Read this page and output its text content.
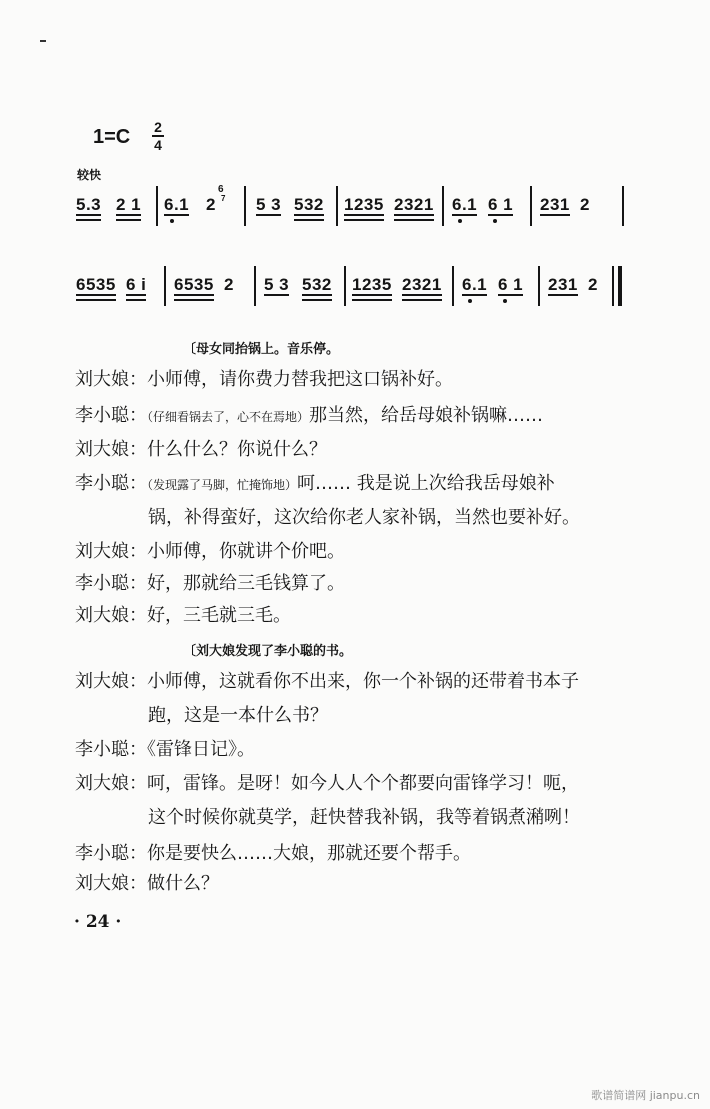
1=C 2
4
较快
5.3 2 1 6.1 2
6
7 5 3 532 1235 2321 6.1 6 1 231 2
6535 6 i 6535 2 5 3 532 1235 2321 6.1 6 1 231 2
〔母女同抬锅上。音乐停。
刘大娘：小师傅，请你费力替我把这口锅补好。
李小聪：（仔细看锅去了，心不在焉地）那当然，给岳母娘补锅嘛……
刘大娘：什么什么？你说什么？
李小聪：（发现露了马脚，忙掩饰地）呵…… 我是说上次给我岳母娘补
锅，补得蛮好，这次给你老人家补锅，当然也要补好。
刘大娘：小师傅，你就讲个价吧。
李小聪：好，那就给三毛钱算了。
刘大娘：好，三毛就三毛。
〔刘大娘发现了李小聪的书。
刘大娘：小师傅，这就看你不出来，你一个补锅的还带着书本子
跑，这是一本什么书？
李小聪：《雷锋日记》。
刘大娘：呵，雷锋。是呀！如今人人个个都要向雷锋学习！呃，
这个时候你就莫学，赶快替我补锅，我等着锅煮潲咧！
李小聪：你是要快么……大娘，那就还要个帮手。
刘大娘：做什么？
· 24 ·
歌谱简谱网 jianpu.cn
